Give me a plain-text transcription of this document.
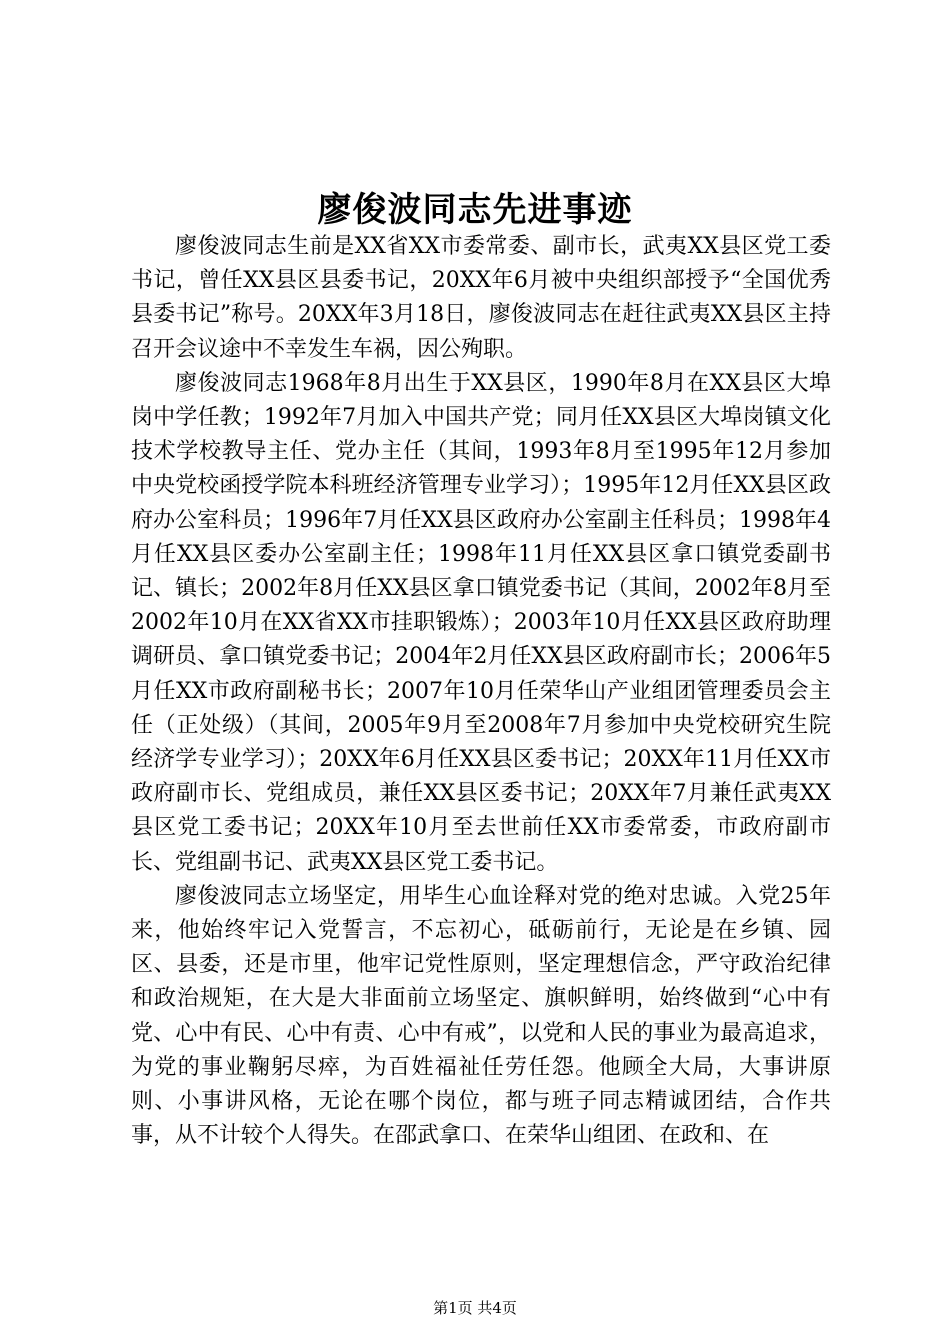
廖俊波同志先进事迹

廖俊波同志生前是XX省XX市委常委、副市长，武夷XX县区党工委书记，曾任XX县区县委书记，20XX年6月被中央组织部授予“全国优秀县委书记”称号。20XX年3月18日，廖俊波同志在赶往武夷XX县区主持召开会议途中不幸发生车祸，因公殉职。

廖俊波同志1968年8月出生于XX县区，1990年8月在XX县区大埠岗中学任教；1992年7月加入中国共产党；同月任XX县区大埠岗镇文化技术学校教导主任、党办主任（其间，1993年8月至1995年12月参加中央党校函授学院本科班经济管理专业学习）；1995年12月任XX县区政府办公室科员；1996年7月任XX县区政府办公室副主任科员；1998年4月任XX县区委办公室副主任；1998年11月任XX县区拿口镇党委副书记、镇长；2002年8月任XX县区拿口镇党委书记（其间，2002年8月至2002年10月在XX省XX市挂职锻炼）；2003年10月任XX县区政府助理调研员、拿口镇党委书记；2004年2月任XX县区政府副市长；2006年5月任XX市政府副秘书长；2007年10月任荣华山产业组团管理委员会主任（正处级）（其间，2005年9月至2008年7月参加中央党校研究生院经济学专业学习）；20XX年6月任XX县区委书记；20XX年11月任XX市政府副市长、党组成员，兼任XX县区委书记；20XX年7月兼任武夷XX县区党工委书记；20XX年10月至去世前任XX市委常委，市政府副市长、党组副书记、武夷XX县区党工委书记。

廖俊波同志立场坚定，用毕生心血诠释对党的绝对忠诚。入党25年来，他始终牢记入党誓言，不忘初心，砥砺前行，无论是在乡镇、园区、县委，还是市里，他牢记党性原则，坚定理想信念，严守政治纪律和政治规矩，在大是大非面前立场坚定、旗帜鲜明，始终做到“心中有党、心中有民、心中有责、心中有戒”，以党和人民的事业为最高追求，为党的事业鞠躬尽瘁，为百姓福祉任劳任怨。他顾全大局，大事讲原则、小事讲风格，无论在哪个岗位，都与班子同志精诚团结，合作共事，从不计较个人得失。在邵武拿口、在荣华山组团、在政和、在

第1页 共4页
